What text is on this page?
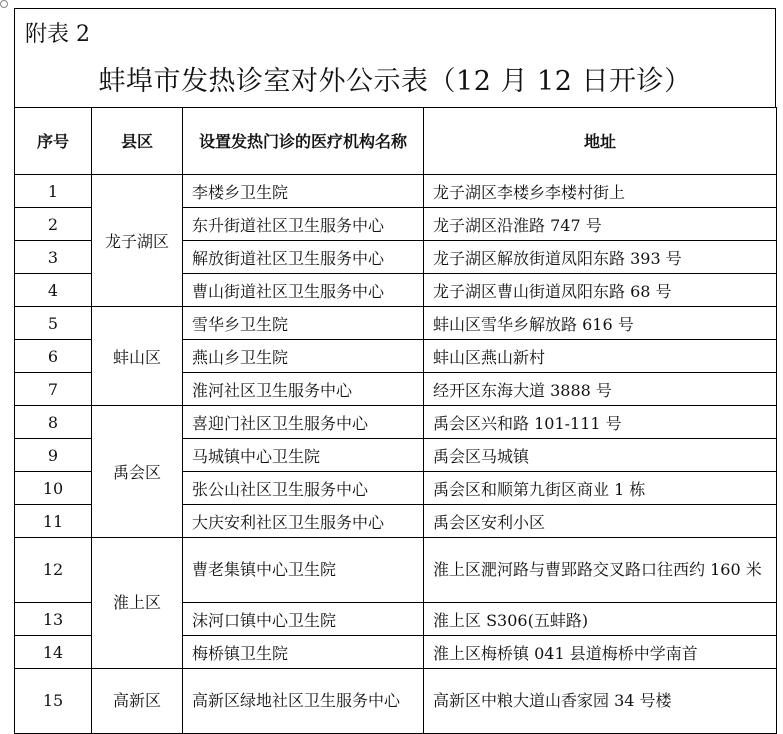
附表 2
蚌埠市发热诊室对外公示表（12 月 12 日开诊）
序号	县区	设置发热门诊的医疗机构名称	地址
1	龙子湖区	李楼乡卫生院	龙子湖区李楼乡李楼村街上
2		东升街道社区卫生服务中心	龙子湖区沿淮路 747 号
3		解放街道社区卫生服务中心	龙子湖区解放街道凤阳东路 393 号
4		曹山街道社区卫生服务中心	龙子湖区曹山街道凤阳东路 68 号
5	蚌山区	雪华乡卫生院	蚌山区雪华乡解放路 616 号
6		燕山乡卫生院	蚌山区燕山新村
7		淮河社区卫生服务中心	经开区东海大道 3888 号
8	禹会区	喜迎门社区卫生服务中心	禹会区兴和路 101-111 号
9		马城镇中心卫生院	禹会区马城镇
10		张公山社区卫生服务中心	禹会区和顺第九街区商业 1 栋
11		大庆安利社区卫生服务中心	禹会区安利小区
12	淮上区	曹老集镇中心卫生院	淮上区淝河路与曹郢路交叉路口往西约 160 米
13		沫河口镇中心卫生院	淮上区 S306(五蚌路)
14		梅桥镇卫生院	淮上区梅桥镇 041 县道梅桥中学南首
15	高新区	高新区绿地社区卫生服务中心	高新区中粮大道山香家园 34 号楼
